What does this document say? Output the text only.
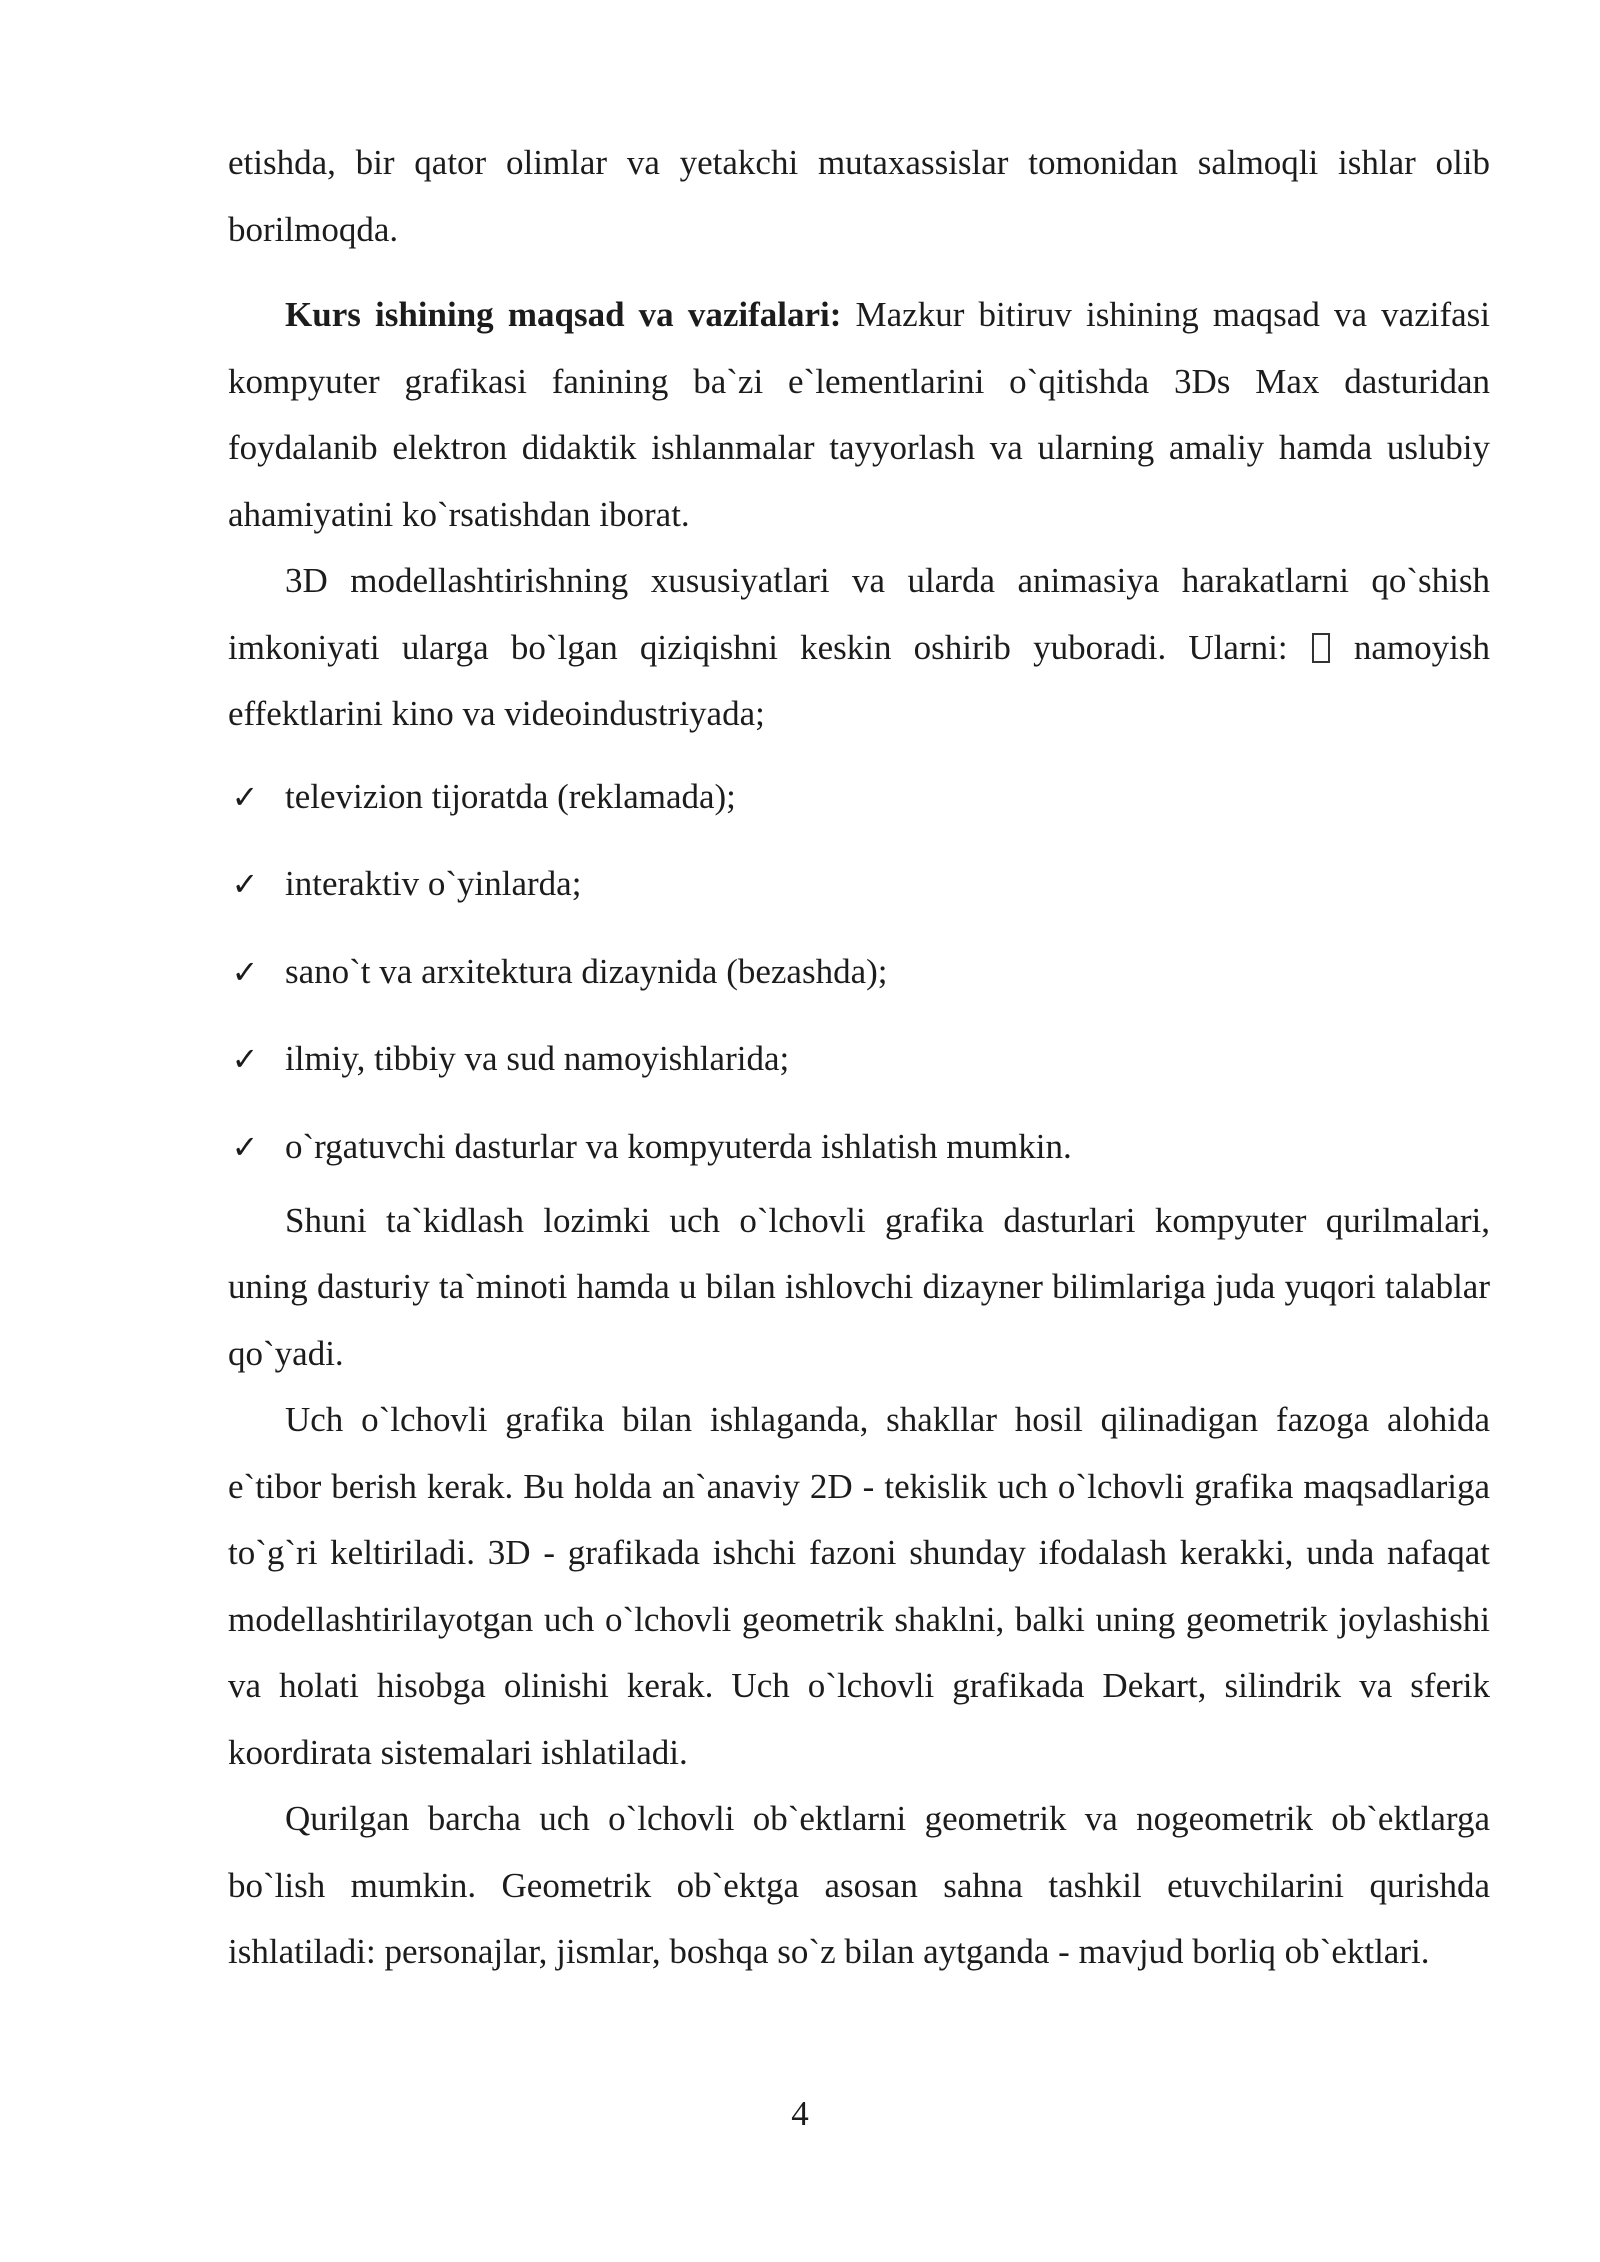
etishda, bir qator olimlar va yetakchi mutaxassislar tomonidan salmoqli ishlar olib borilmoqda.

Kurs ishining maqsad va vazifalari: Mazkur bitiruv ishining maqsad va vazifasi kompyuter grafikasi fanining ba`zi e`lementlarini o`qitishda 3Ds Max dasturidan foydalanib elektron didaktik ishlanmalar tayyorlash va ularning amaliy hamda uslubiy ahamiyatini ko`rsatishdan iborat.

3D modellashtirishning xususiyatlari va ularda animasiya harakatlarni qo`shish imkoniyati ularga bo`lgan qiziqishni keskin oshirib yuboradi. Ularni:  namoyish effektlarini kino va videoindustriyada;

✓ televizion tijoratda (reklamada);
✓ interaktiv o`yinlarda;
✓ sano`t va arxitektura dizaynida (bezashda);
✓ ilmiy, tibbiy va sud namoyishlarida;
✓ o`rgatuvchi dasturlar va kompyuterda ishlatish mumkin.

Shuni ta`kidlash lozimki uch o`lchovli grafika dasturlari kompyuter qurilmalari, uning dasturiy ta`minoti hamda u bilan ishlovchi dizayner bilimlariga juda yuqori talablar qo`yadi.

Uch o`lchovli grafika bilan ishlaganda, shakllar hosil qilinadigan fazoga alohida e`tibor berish kerak. Bu holda an`anaviy 2D - tekislik uch o`lchovli grafika maqsadlariga to`g`ri keltiriladi. 3D - grafikada ishchi fazoni shunday ifodalash kerakki, unda nafaqat modellashtirilayotgan uch o`lchovli geometrik shaklni, balki uning geometrik joylashishi va holati hisobga olinishi kerak. Uch o`lchovli grafikada Dekart, silindrik va sferik koordirata sistemalari ishlatiladi.

Qurilgan barcha uch o`lchovli ob`ektlarni geometrik va nogeometrik ob`ektlarga bo`lish mumkin. Geometrik ob`ektga asosan sahna tashkil etuvchilarini qurishda ishlatiladi: personajlar, jismlar, boshqa so`z bilan aytganda - mavjud borliq ob`ektlari.

4
